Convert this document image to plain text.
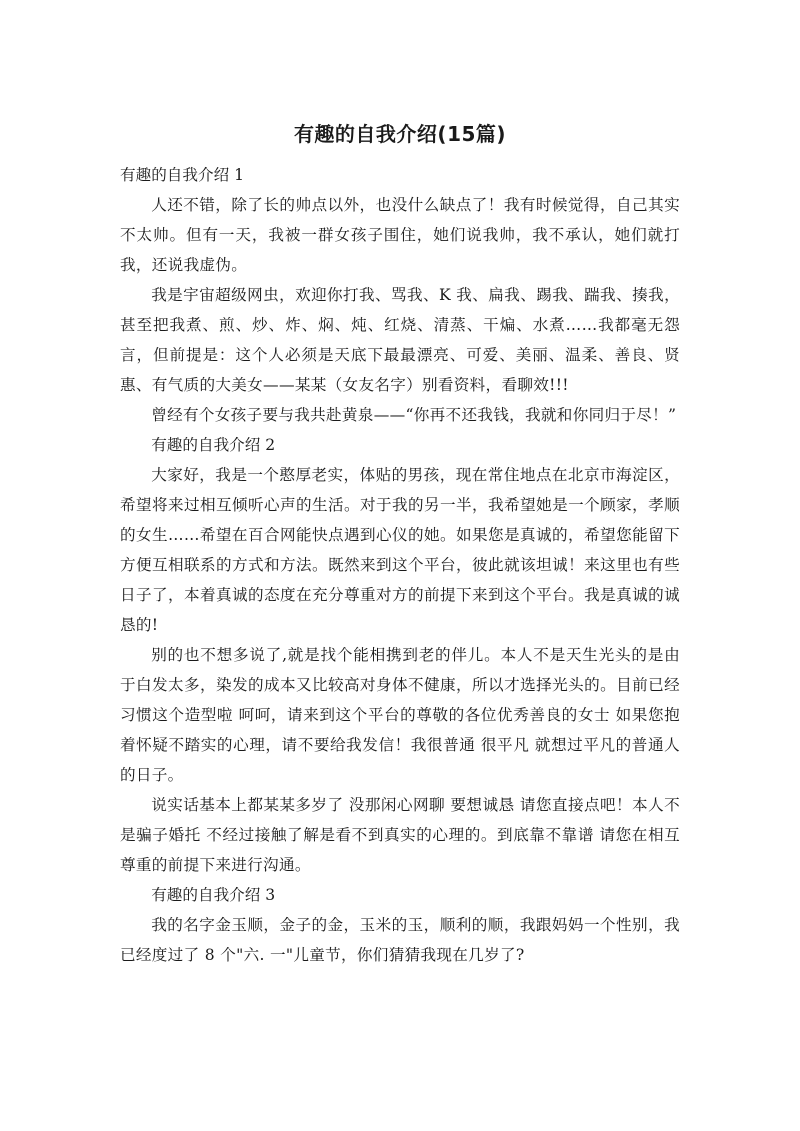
有趣的自我介绍(15篇)

有趣的自我介绍 1

人还不错，除了长的帅点以外，也没什么缺点了！我有时候觉得，自己其实不太帅。但有一天，我被一群女孩子围住，她们说我帅，我不承认，她们就打我，还说我虚伪。

我是宇宙超级网虫，欢迎你打我、骂我、K 我、扁我、踢我、踹我、揍我，甚至把我煮、煎、炒、炸、焖、炖、红烧、清蒸、干煸、水煮……我都毫无怨言，但前提是：这个人必须是天底下最最漂亮、可爱、美丽、温柔、善良、贤惠、有气质的大美女——某某（女友名字）别看资料，看聊效!!!

曾经有个女孩子要与我共赴黄泉——“你再不还我钱，我就和你同归于尽！”

有趣的自我介绍 2

大家好，我是一个憨厚老实，体贴的男孩，现在常住地点在北京市海淀区，希望将来过相互倾听心声的生活。对于我的另一半，我希望她是一个顾家，孝顺的女生……希望在百合网能快点遇到心仪的她。如果您是真诚的，希望您能留下方便互相联系的方式和方法。既然来到这个平台，彼此就该坦诚！来这里也有些日子了，本着真诚的态度在充分尊重对方的前提下来到这个平台。我是真诚的诚恳的!

别的也不想多说了,就是找个能相携到老的伴儿。本人不是天生光头的是由于白发太多，染发的成本又比较高对身体不健康，所以才选择光头的。目前已经习惯这个造型啦 呵呵，请来到这个平台的尊敬的各位优秀善良的女士 如果您抱着怀疑不踏实的心理，请不要给我发信！我很普通 很平凡 就想过平凡的普通人的日子。

说实话基本上都某某多岁了 没那闲心网聊 要想诚恳 请您直接点吧！本人不是骗子婚托 不经过接触了解是看不到真实的心理的。到底靠不靠谱 请您在相互尊重的前提下来进行沟通。

有趣的自我介绍 3

我的名字金玉顺，金子的金，玉米的玉，顺利的顺，我跟妈妈一个性别，我已经度过了 8 个"六. 一"儿童节，你们猜猜我现在几岁了?
